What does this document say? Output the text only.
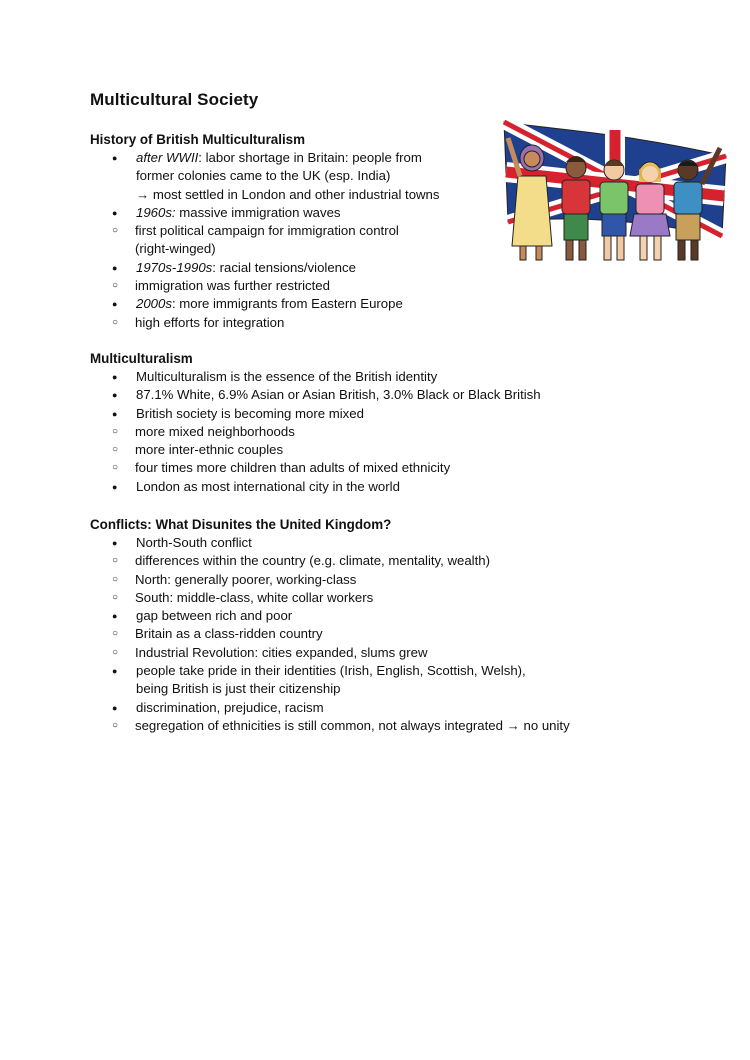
Multicultural Society
History of British Multiculturalism
● after WWII: labor shortage in Britain: people from
former colonies came to the UK (esp. India)
→ most settled in London and other industrial towns
● 1960s: massive immigration waves
○ first political campaign for immigration control
(right-winged)
● 1970s-1990s: racial tensions/violence
○ immigration was further restricted
● 2000s: more immigrants from Eastern Europe
○ high efforts for integration
Multiculturalism
● Multiculturalism is the essence of the British identity
● 87.1% White, 6.9% Asian or Asian British, 3.0% Black or Black British
● British society is becoming more mixed
○ more mixed neighborhoods
○ more inter-ethnic couples
○ four times more children than adults of mixed ethnicity
● London as most international city in the world
Conflicts: What Disunites the United Kingdom?
● North-South conflict
○ differences within the country (e.g. climate, mentality, wealth)
○ North: generally poorer, working-class
○ South: middle-class, white collar workers
● gap between rich and poor
○ Britain as a class-ridden country
○ Industrial Revolution: cities expanded, slums grew
● people take pride in their identities (Irish, English, Scottish, Welsh),
being British is just their citizenship
● discrimination, prejudice, racism
○ segregation of ethnicities is still common, not always integrated → no unity
